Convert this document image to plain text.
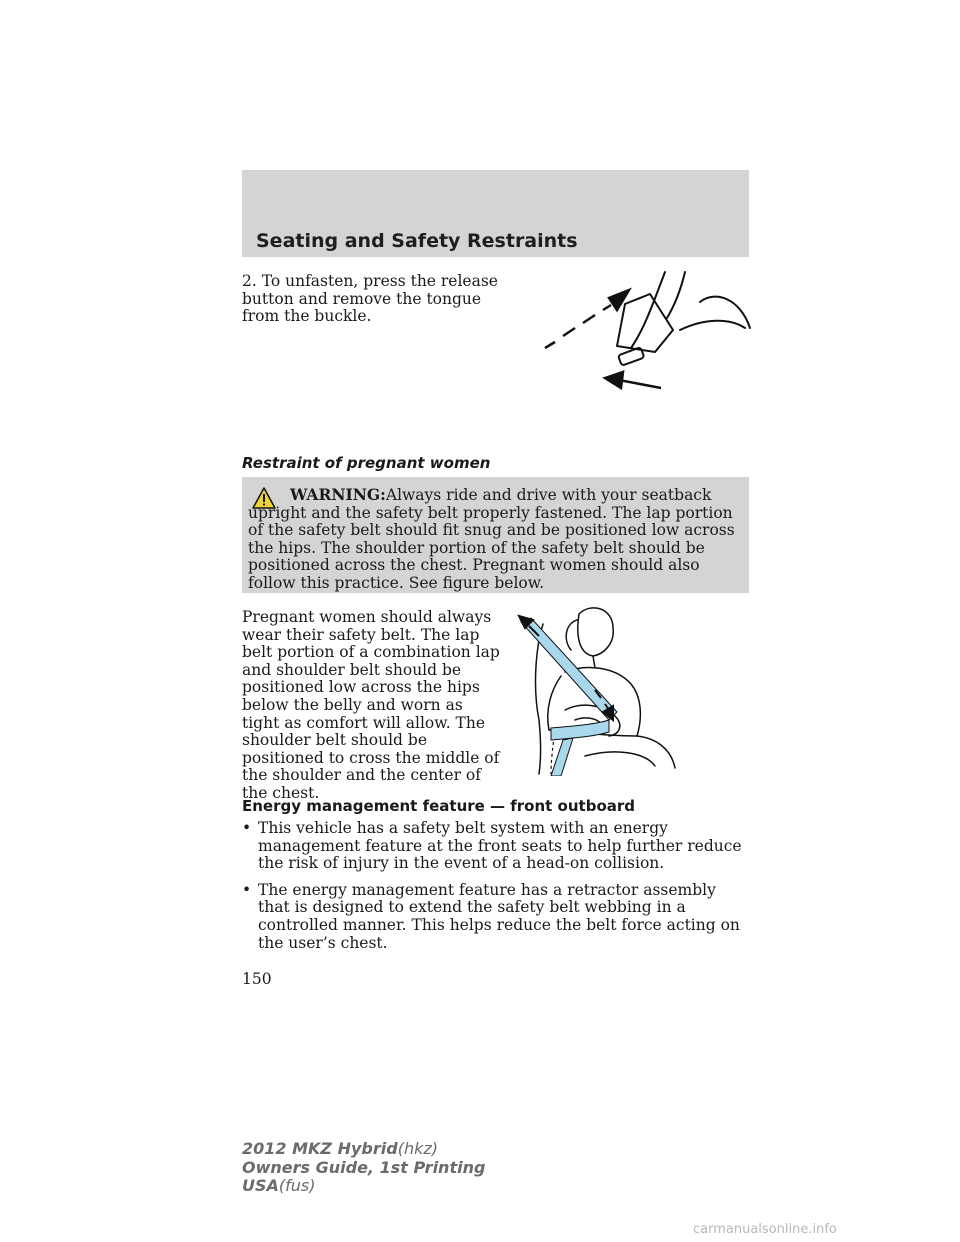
Seating and Safety Restraints
2. To unfasten, press the release button and remove the tongue from the buckle.
Restraint of pregnant women
WARNING:Always ride and drive with your seatback upright and the safety belt properly fastened. The lap portion of the safety belt should fit snug and be positioned low across the hips. The shoulder portion of the safety belt should be positioned across the chest. Pregnant women should also follow this practice. See figure below.
Pregnant women should always wear their safety belt. The lap belt portion of a combination lap and shoulder belt should be positioned low across the hips below the belly and worn as tight as comfort will allow. The shoulder belt should be positioned to cross the middle of the shoulder and the center of the chest.
Energy management feature — front outboard
• This vehicle has a safety belt system with an energy management feature at the front seats to help further reduce the risk of injury in the event of a head-on collision.
• The energy management feature has a retractor assembly that is designed to extend the safety belt webbing in a controlled manner. This helps reduce the belt force acting on the user’s chest.
150
2012 MKZ Hybrid(hkz)
Owners Guide, 1st Printing
USA(fus)
carmanualsonline.info
